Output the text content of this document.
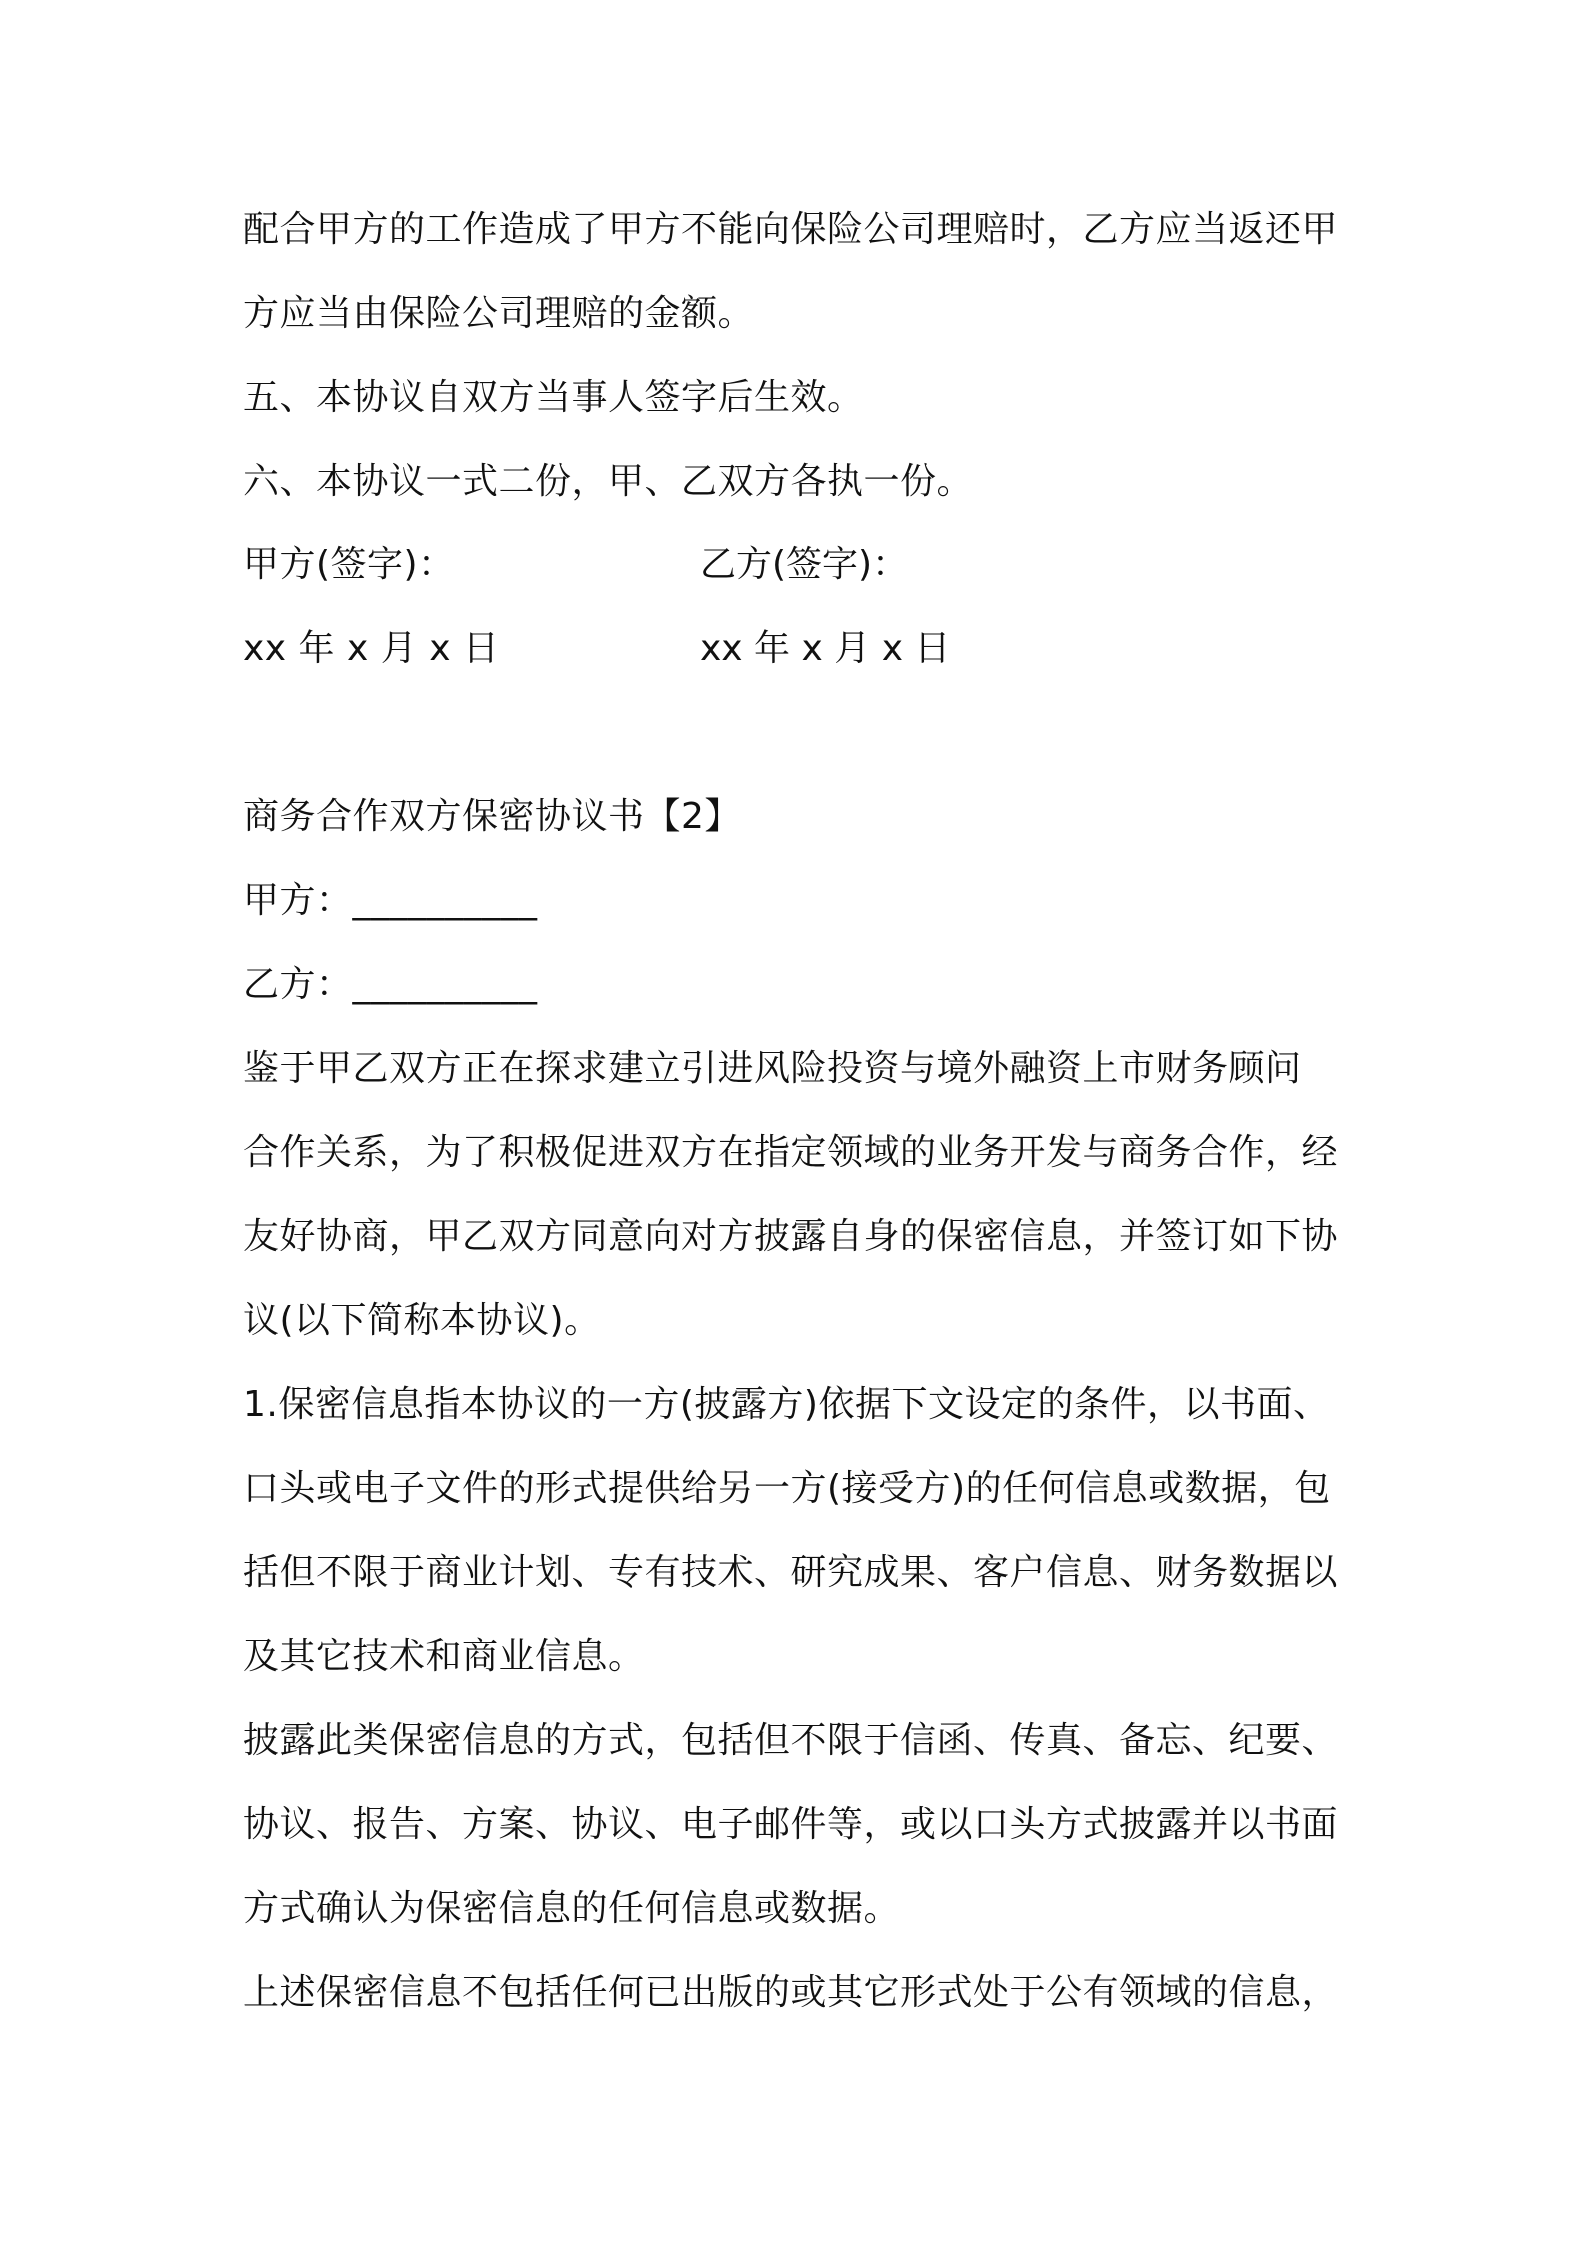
配合甲方的工作造成了甲方不能向保险公司理赔时，乙方应当返还甲
方应当由保险公司理赔的金额。
五、本协议自双方当事人签字后生效。
六、本协议一式二份，甲、乙双方各执一份。
甲方(签字)：	乙方(签字)：
xx 年 x 月 x 日	xx 年 x 月 x 日
商务合作双方保密协议书【2】
甲方：__________
乙方：__________
鉴于甲乙双方正在探求建立引进风险投资与境外融资上市财务顾问
合作关系，为了积极促进双方在指定领域的业务开发与商务合作，经
友好协商，甲乙双方同意向对方披露自身的保密信息，并签订如下协
议(以下简称本协议)。
1.保密信息指本协议的一方(披露方)依据下文设定的条件，以书面、
口头或电子文件的形式提供给另一方(接受方)的任何信息或数据，包
括但不限于商业计划、专有技术、研究成果、客户信息、财务数据以
及其它技术和商业信息。
披露此类保密信息的方式，包括但不限于信函、传真、备忘、纪要、
协议、报告、方案、协议、电子邮件等，或以口头方式披露并以书面
方式确认为保密信息的任何信息或数据。
上述保密信息不包括任何已出版的或其它形式处于公有领域的信息，
